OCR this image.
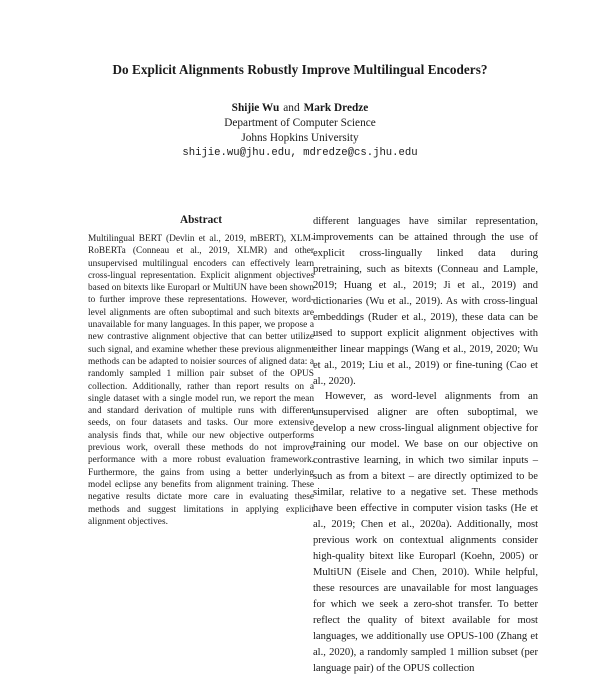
Do Explicit Alignments Robustly Improve Multilingual Encoders?
Shijie Wu and Mark Dredze
Department of Computer Science
Johns Hopkins University
shijie.wu@jhu.edu, mdredze@cs.jhu.edu
Abstract

Multilingual BERT (Devlin et al., 2019, mBERT), XLM-RoBERTa (Conneau et al., 2019, XLMR) and other unsupervised multilingual encoders can effectively learn cross-lingual representation. Explicit alignment objectives based on bitexts like Europarl or MultiUN have been shown to further improve these representations. However, word-level alignments are often suboptimal and such bitexts are unavailable for many languages. In this paper, we propose a new contrastive alignment objective that can better utilize such signal, and examine whether these previous alignment methods can be adapted to noisier sources of aligned data: a randomly sampled 1 million pair subset of the OPUS collection. Additionally, rather than report results on a single dataset with a single model run, we report the mean and standard derivation of multiple runs with different seeds, on four datasets and tasks. Our more extensive analysis finds that, while our new objective outperforms previous work, overall these methods do not improve performance with a more robust evaluation framework. Furthermore, the gains from using a better underlying model eclipse any benefits from alignment training. These negative results dictate more care in evaluating these methods and suggest limitations in applying explicit alignment objectives.

different languages have similar representation, improvements can be attained through the use of explicit cross-lingually linked data during pretraining, such as bitexts (Conneau and Lample, 2019; Huang et al., 2019; Ji et al., 2019) and dictionaries (Wu et al., 2019). As with cross-lingual embeddings (Ruder et al., 2019), these data can be used to support explicit alignment objectives with either linear mappings (Wang et al., 2019, 2020; Wu et al., 2019; Liu et al., 2019) or fine-tuning (Cao et al., 2020).

However, as word-level alignments from an unsupervised aligner are often suboptimal, we develop a new cross-lingual alignment objective for training our model. We base on our objective on contrastive learning, in which two similar inputs – such as from a bitext – are directly optimized to be similar, relative to a negative set. These methods have been effective in computer vision tasks (He et al., 2019; Chen et al., 2020a). Additionally, most previous work on contextual alignments consider high-quality bitext like Europarl (Koehn, 2005) or MultiUN (Eisele and Chen, 2010). While helpful, these resources are unavailable for most languages for which we seek a zero-shot transfer. To better reflect the quality of bitext available for most languages, we additionally use OPUS-100 (Zhang et al., 2020), a randomly sampled 1 million subset (per language pair) of the OPUS collection
